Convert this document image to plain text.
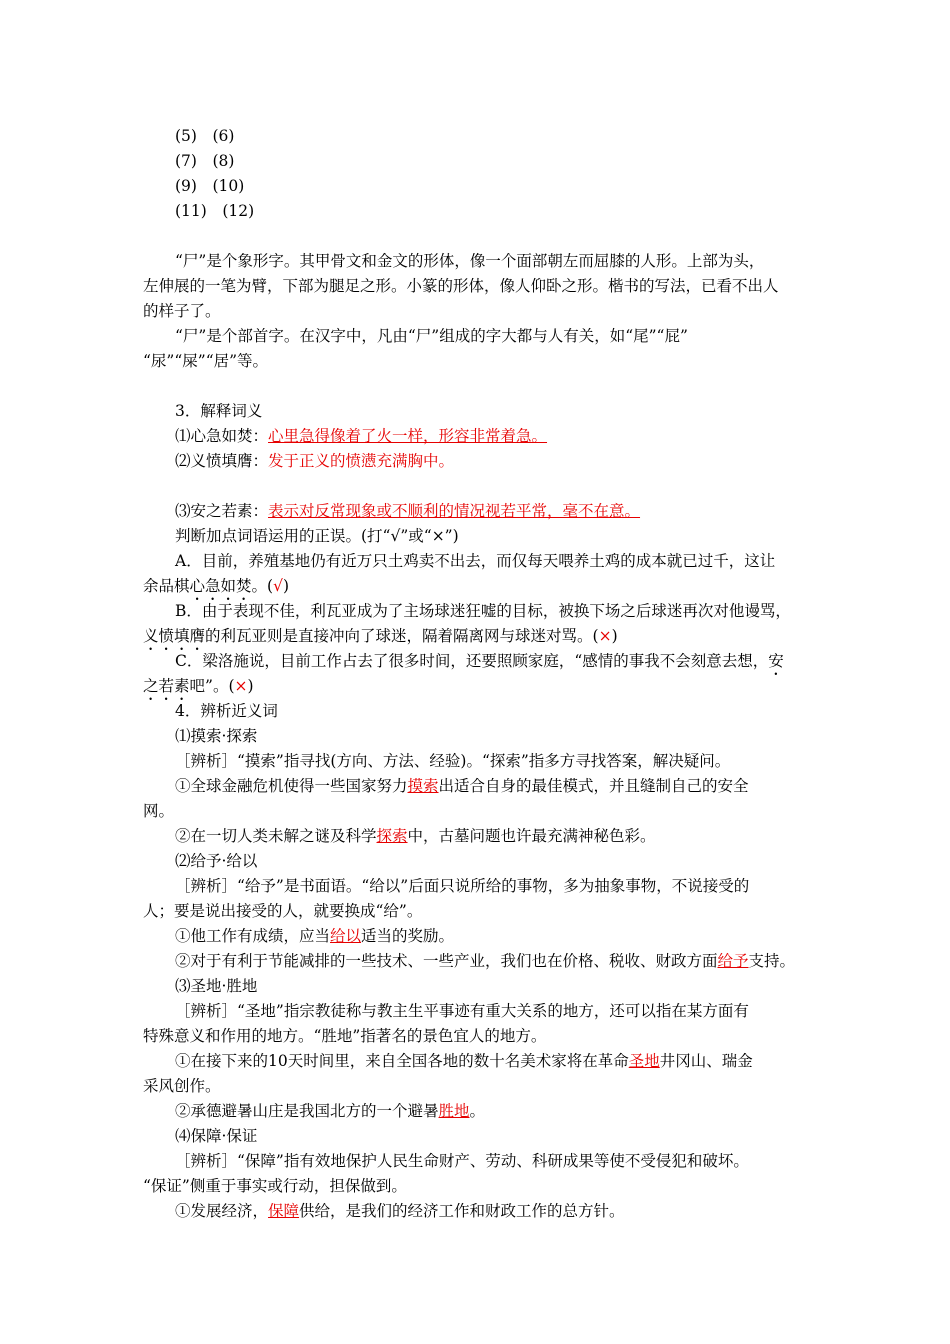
(5)　(6)
(7)　(8)
(9)　(10)
(11)　(12)
“尸”是个象形字。其甲骨文和金文的形体，像一个面部朝左而屈膝的人形。上部为头，
左伸展的一笔为臂，下部为腿足之形。小篆的形体，像人仰卧之形。楷书的写法，已看不出人
的样子了。
“尸”是个部首字。在汉字中，凡由“尸”组成的字大都与人有关，如“尾”“屁”
“尿”“屎”“居”等。
3．解释词义
⑴心急如焚：心里急得像着了火一样，形容非常着急。
⑵义愤填膺：发于正义的愤懑充满胸中。
⑶安之若素：表示对反常现象或不顺利的情况视若平常，毫不在意。
判断加点词语运用的正误。(打“√”或“×”)
A．目前，养殖基地仍有近万只土鸡卖不出去，而仅每天喂养土鸡的成本就已过千，这让
余品棋心急如焚。(√)
B．由于表现不佳，利瓦亚成为了主场球迷狂嘘的目标，被换下场之后球迷再次对他谩骂，
义愤填膺的利瓦亚则是直接冲向了球迷，隔着隔离网与球迷对骂。(×)
C．梁洛施说，目前工作占去了很多时间，还要照顾家庭，“感情的事我不会刻意去想，安
之若素吧”。(×)
4．辨析近义词
⑴摸索·探索
［辨析］“摸索”指寻找(方向、方法、经验)。“探索”指多方寻找答案，解决疑问。
①全球金融危机使得一些国家努力摸索出适合自身的最佳模式，并且缝制自己的安全
网。
②在一切人类未解之谜及科学探索中，古墓问题也许最充满神秘色彩。
⑵给予·给以
［辨析］“给予”是书面语。“给以”后面只说所给的事物，多为抽象事物，不说接受的
人；要是说出接受的人，就要换成“给”。
①他工作有成绩，应当给以适当的奖励。
②对于有利于节能减排的一些技术、一些产业，我们也在价格、税收、财政方面给予支持。
⑶圣地·胜地
［辨析］“圣地”指宗教徒称与教主生平事迹有重大关系的地方，还可以指在某方面有
特殊意义和作用的地方。“胜地”指著名的景色宜人的地方。
①在接下来的10天时间里，来自全国各地的数十名美术家将在革命圣地井冈山、瑞金
采风创作。
②承德避暑山庄是我国北方的一个避暑胜地。
⑷保障·保证
［辨析］“保障”指有效地保护人民生命财产、劳动、科研成果等使不受侵犯和破坏。
“保证”侧重于事实或行动，担保做到。
①发展经济，保障供给，是我们的经济工作和财政工作的总方针。
